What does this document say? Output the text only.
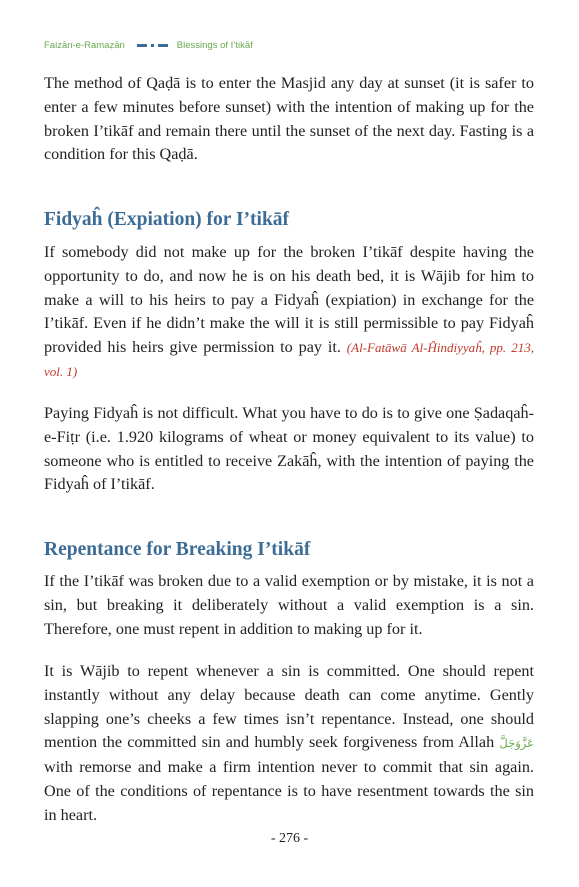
Faizān-e-Ramaẓān	Blessings of I’tikāf

The method of Qaḍā is to enter the Masjid any day at sunset (it is safer to enter a few minutes before sunset) with the intention of making up for the broken I’tikāf and remain there until the sunset of the next day. Fasting is a condition for this Qaḍā.

Fidyaĥ (Expiation) for I’tikāf

If somebody did not make up for the broken I’tikāf despite having the opportunity to do, and now he is on his death bed, it is Wājib for him to make a will to his heirs to pay a Fidyaĥ (expiation) in exchange for the I’tikāf. Even if he didn’t make the will it is still permissible to pay Fidyaĥ provided his heirs give permission to pay it. (Al-Fatāwā Al-Ĥindiyyaĥ, pp. 213, vol. 1)

Paying Fidyaĥ is not difficult. What you have to do is to give one Ṣadaqaĥ-e-Fiṭr (i.e. 1.920 kilograms of wheat or money equivalent to its value) to someone who is entitled to receive Zakāĥ, with the intention of paying the Fidyaĥ of I’tikāf.

Repentance for Breaking I’tikāf

If the I’tikāf was broken due to a valid exemption or by mistake, it is not a sin, but breaking it deliberately without a valid exemption is a sin. Therefore, one must repent in addition to making up for it.

It is Wājib to repent whenever a sin is committed. One should repent instantly without any delay because death can come anytime. Gently slapping one’s cheeks a few times isn’t repentance. Instead, one should mention the committed sin and humbly seek forgiveness from Allah عَزَّوَجَلَّ with remorse and make a firm intention never to commit that sin again. One of the conditions of repentance is to have resentment towards the sin in heart.

- 276 -
